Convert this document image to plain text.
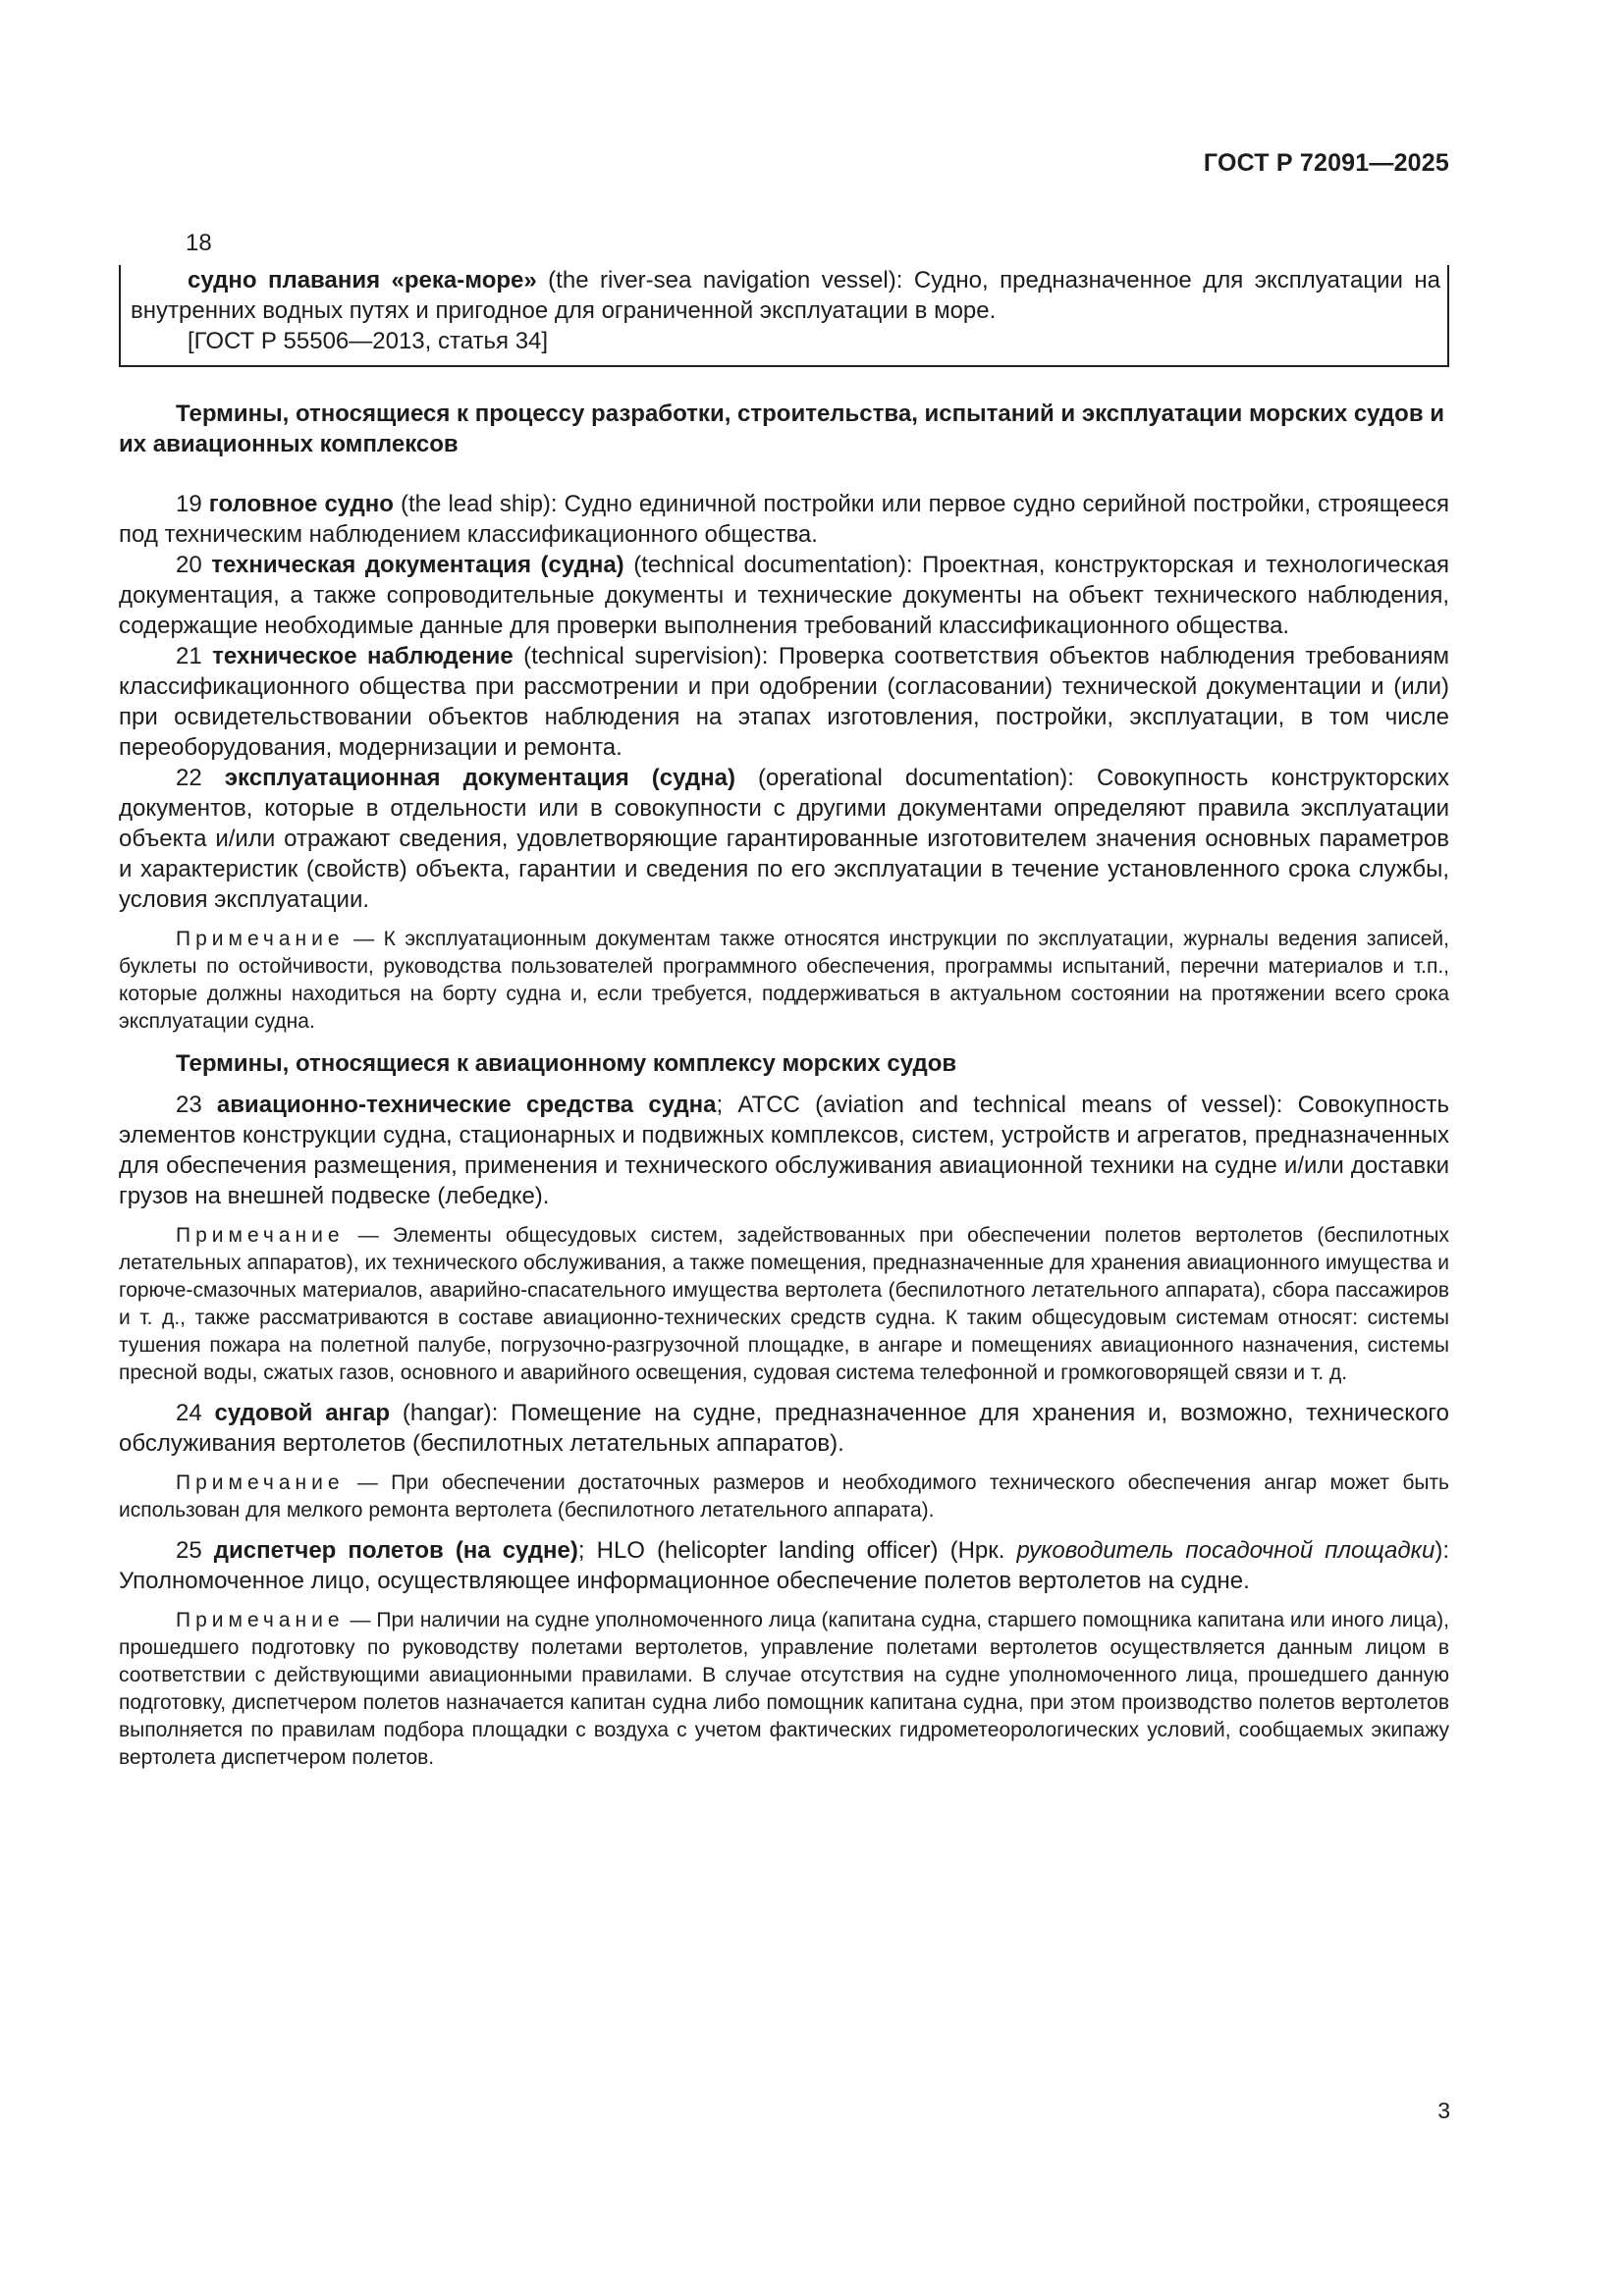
ГОСТ Р 72091—2025
18

судно плавания «река-море» (the river-sea navigation vessel): Судно, предназначенное для эксплуатации на внутренних водных путях и пригодное для ограниченной эксплуатации в море.

[ГОСТ Р 55506—2013, статья 34]

Термины, относящиеся к процессу разработки, строительства, испытаний и эксплуатации морских судов и их авиационных комплексов

19 головное судно (the lead ship): Судно единичной постройки или первое судно серийной постройки, строящееся под техническим наблюдением классификационного общества.

20 техническая документация (судна) (technical documentation): Проектная, конструкторская и технологическая документация, а также сопроводительные документы и технические документы на объект технического наблюдения, содержащие необходимые данные для проверки выполнения требований классификационного общества.

21 техническое наблюдение (technical supervision): Проверка соответствия объектов наблюдения требованиям классификационного общества при рассмотрении и при одобрении (согласовании) технической документации и (или) при освидетельствовании объектов наблюдения на этапах изготовления, постройки, эксплуатации, в том числе переоборудования, модернизации и ремонта.

22 эксплуатационная документация (судна) (operational documentation): Совокупность конструкторских документов, которые в отдельности или в совокупности с другими документами определяют правила эксплуатации объекта и/или отражают сведения, удовлетворяющие гарантированные изготовителем значения основных параметров и характеристик (свойств) объекта, гарантии и сведения по его эксплуатации в течение установленного срока службы, условия эксплуатации.

Примечание — К эксплуатационным документам также относятся инструкции по эксплуатации, журналы ведения записей, буклеты по остойчивости, руководства пользователей программного обеспечения, программы испытаний, перечни материалов и т.п., которые должны находиться на борту судна и, если требуется, поддерживаться в актуальном состоянии на протяжении всего срока эксплуатации судна.

Термины, относящиеся к авиационному комплексу морских судов

23 авиационно-технические средства судна; АТСС (aviation and technical means of vessel): Совокупность элементов конструкции судна, стационарных и подвижных комплексов, систем, устройств и агрегатов, предназначенных для обеспечения размещения, применения и технического обслуживания авиационной техники на судне и/или доставки грузов на внешней подвеске (лебедке).

Примечание — Элементы общесудовых систем, задействованных при обеспечении полетов вертолетов (беспилотных летательных аппаратов), их технического обслуживания, а также помещения, предназначенные для хранения авиационного имущества и горюче-смазочных материалов, аварийно-спасательного имущества вертолета (беспилотного летательного аппарата), сбора пассажиров и т. д., также рассматриваются в составе авиационно-технических средств судна. К таким общесудовым системам относят: системы тушения пожара на полетной палубе, погрузочно-разгрузочной площадке, в ангаре и помещениях авиационного назначения, системы пресной воды, сжатых газов, основного и аварийного освещения, судовая система телефонной и громкоговорящей связи и т. д.

24 судовой ангар (hangar): Помещение на судне, предназначенное для хранения и, возможно, технического обслуживания вертолетов (беспилотных летательных аппаратов).

Примечание — При обеспечении достаточных размеров и необходимого технического обеспечения ангар может быть использован для мелкого ремонта вертолета (беспилотного летательного аппарата).

25 диспетчер полетов (на судне); HLO (helicopter landing officer) (Нрк. руководитель посадочной площадки): Уполномоченное лицо, осуществляющее информационное обеспечение полетов вертолетов на судне.

Примечание — При наличии на судне уполномоченного лица (капитана судна, старшего помощника капитана или иного лица), прошедшего подготовку по руководству полетами вертолетов, управление полетами вертолетов осуществляется данным лицом в соответствии с действующими авиационными правилами. В случае отсутствия на судне уполномоченного лица, прошедшего данную подготовку, диспетчером полетов назначается капитан судна либо помощник капитана судна, при этом производство полетов вертолетов выполняется по правилам подбора площадки с воздуха с учетом фактических гидрометеорологических условий, сообщаемых экипажу вертолета диспетчером полетов.

3
